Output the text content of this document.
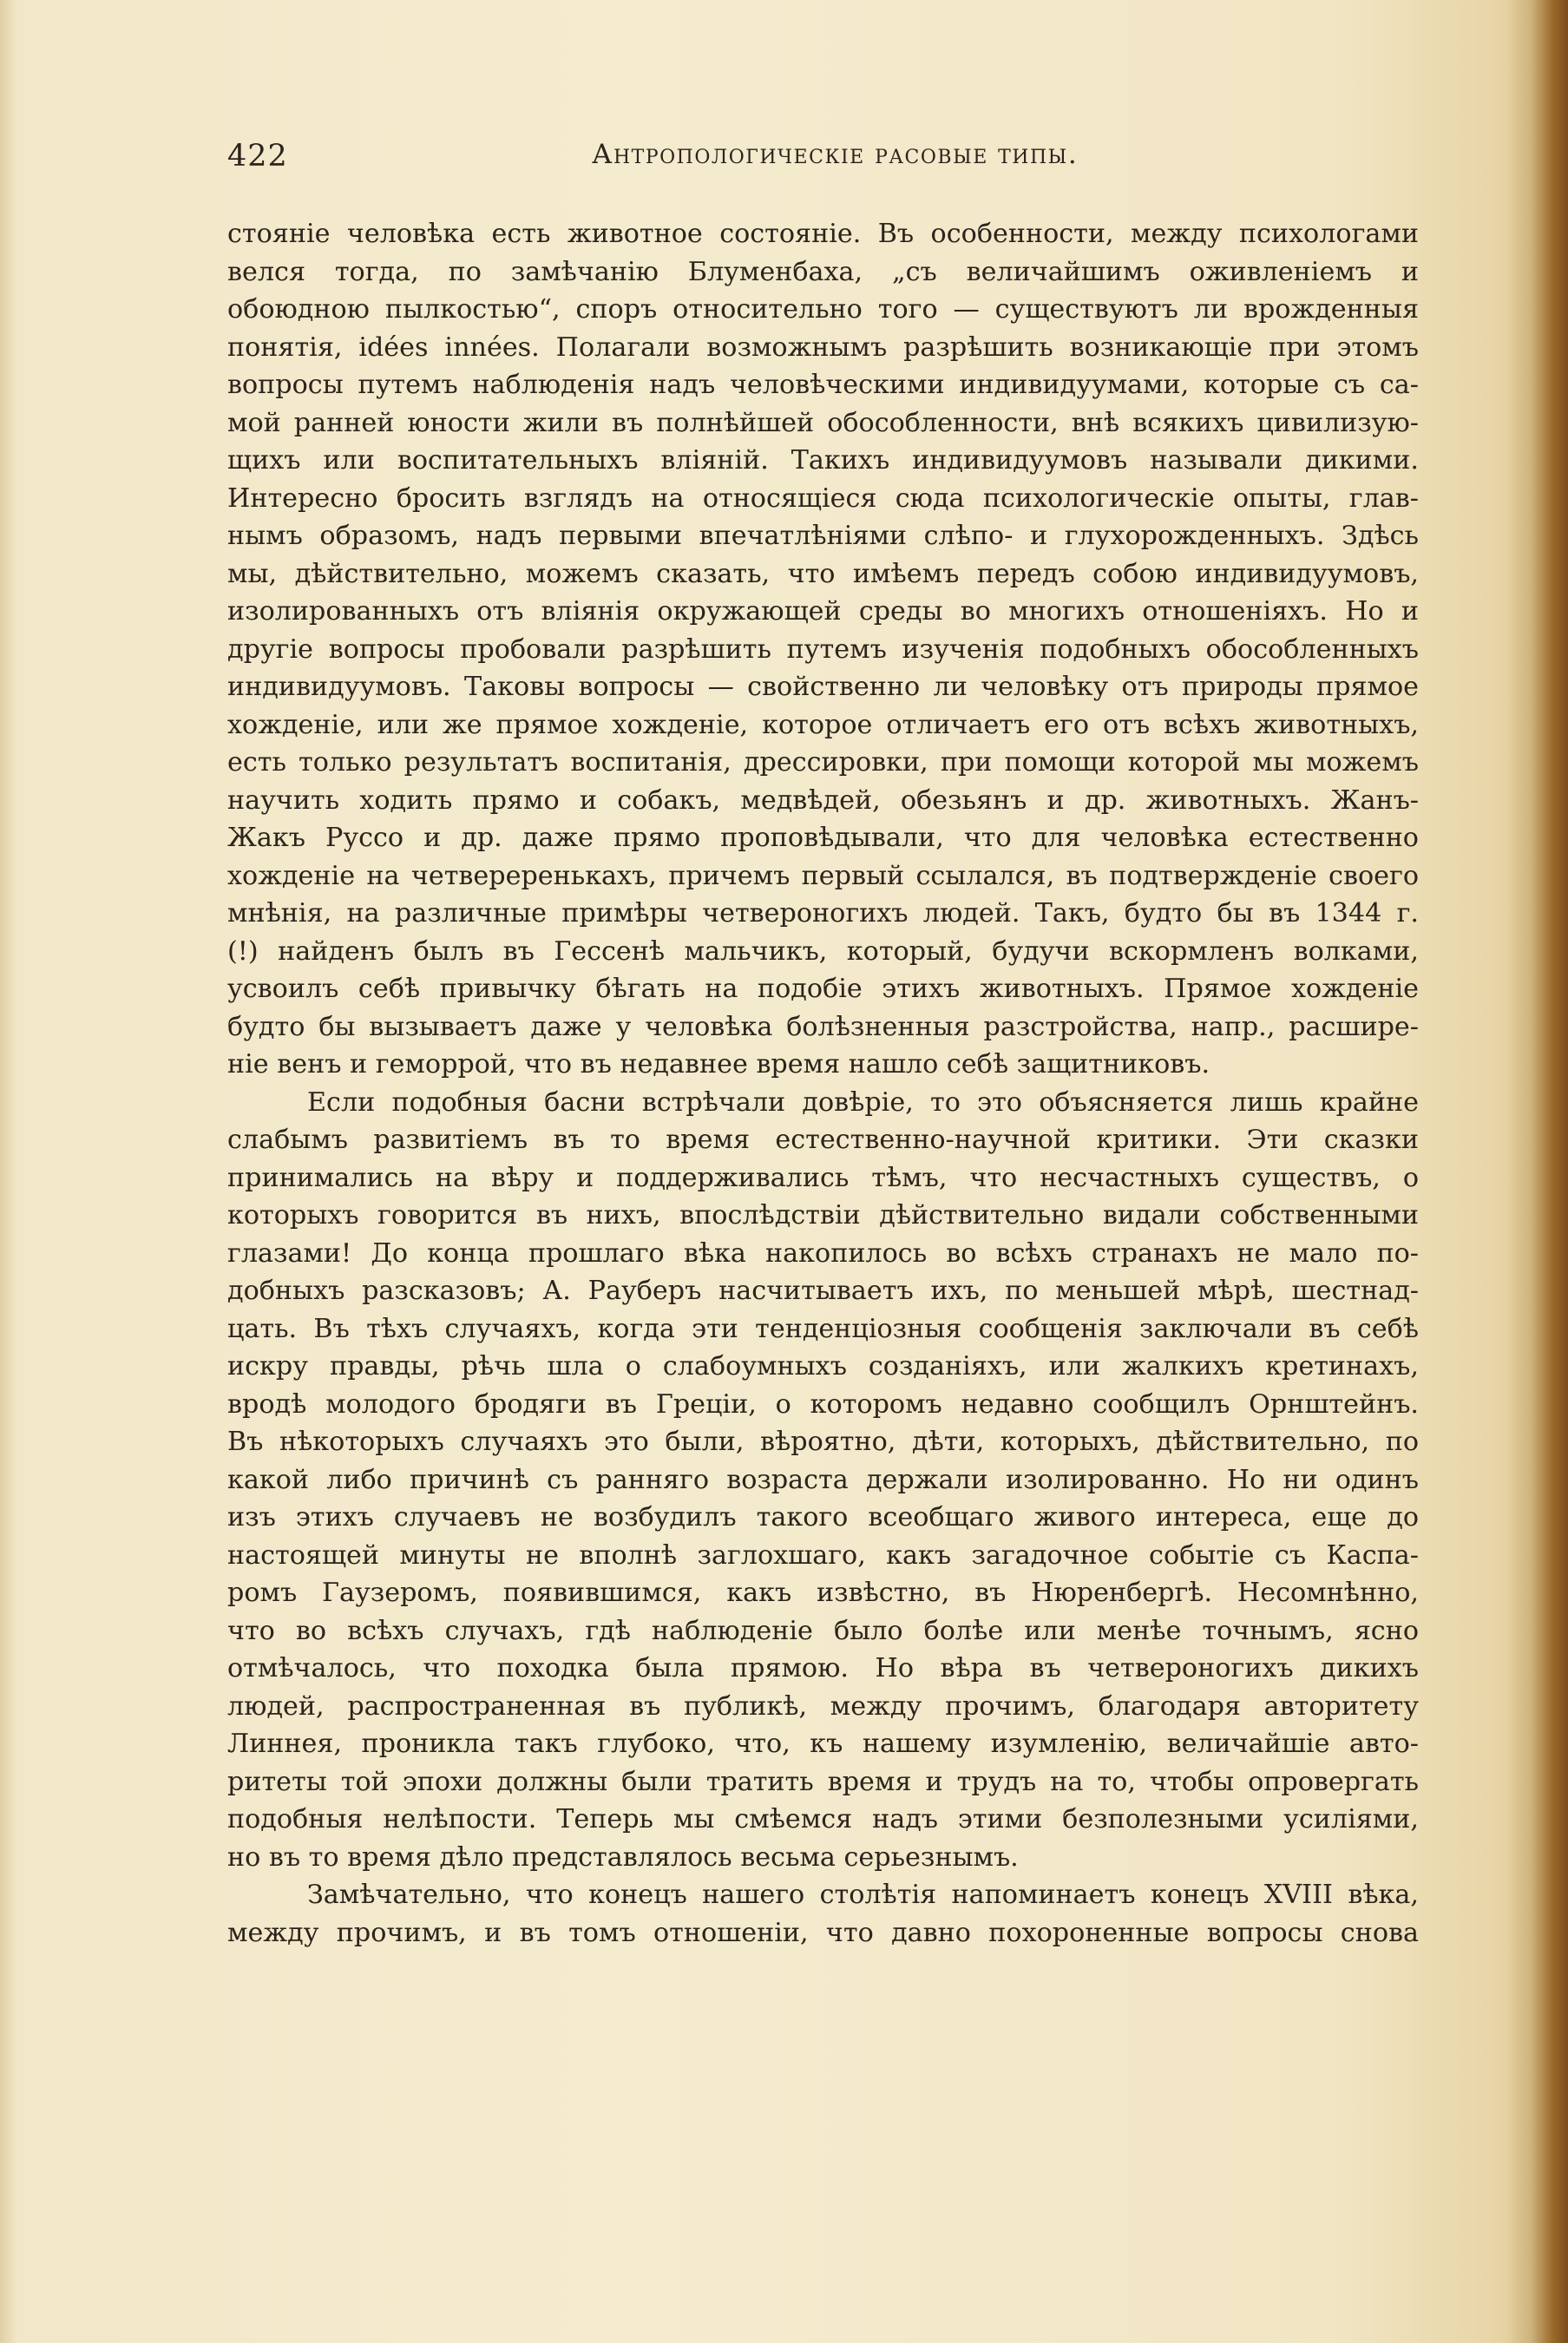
422	Антропологическіе расовые типы.

стояніе человѣка есть животное состояніе. Въ особенности, между психологами

велся тогда, по замѣчанію Блуменбаха, „съ величайшимъ оживленіемъ и

обоюдною пылкостью“, споръ относительно того — существуютъ ли врожденныя

понятія, idées innées. Полагали возможнымъ разрѣшить возникающіе при этомъ

вопросы путемъ наблюденія надъ человѣческими индивидуумами, которые съ са-

мой ранней юности жили въ полнѣйшей обособленности, внѣ всякихъ цивилизую-

щихъ или воспитательныхъ вліяній. Такихъ индивидуумовъ называли дикими.

Интересно бросить взглядъ на относящіеся сюда психологическіе опыты, глав-

нымъ образомъ, надъ первыми впечатлѣніями слѣпо- и глухорожденныхъ. Здѣсь

мы, дѣйствительно, можемъ сказать, что имѣемъ передъ собою индивидуумовъ,

изолированныхъ отъ вліянія окружающей среды во многихъ отношеніяхъ. Но и

другіе вопросы пробовали разрѣшить путемъ изученія подобныхъ обособленныхъ

индивидуумовъ. Таковы вопросы — свойственно ли человѣку отъ природы прямое

хожденіе, или же прямое хожденіе, которое отличаетъ его отъ всѣхъ животныхъ,

есть только результатъ воспитанія, дрессировки, при помощи которой мы можемъ

научить ходить прямо и собакъ, медвѣдей, обезьянъ и др. животныхъ. Жанъ-

Жакъ Руссо и др. даже прямо проповѣдывали, что для человѣка естественно

хожденіе на четвереренькахъ, причемъ первый ссылался, въ подтвержденіе своего

мнѣнія, на различные примѣры четвероногихъ людей. Такъ, будто бы въ 1344 г.

(!) найденъ былъ въ Гессенѣ мальчикъ, который, будучи вскормленъ волками,

усвоилъ себѣ привычку бѣгать на подобіе этихъ животныхъ. Прямое хожденіе

будто бы вызываетъ даже у человѣка болѣзненныя разстройства, напр., расшире-

ніе венъ и геморрой, что въ недавнее время нашло себѣ защитниковъ.

Если подобныя басни встрѣчали довѣріе, то это объясняется лишь крайне

слабымъ развитіемъ въ то время естественно-научной критики. Эти сказки

принимались на вѣру и поддерживались тѣмъ, что несчастныхъ существъ, о

которыхъ говорится въ нихъ, впослѣдствіи дѣйствительно видали собственными

глазами! До конца прошлаго вѣка накопилось во всѣхъ странахъ не мало по-

добныхъ разсказовъ; А. Рауберъ насчитываетъ ихъ, по меньшей мѣрѣ, шестнад-

цать. Въ тѣхъ случаяхъ, когда эти тенденціозныя сообщенія заключали въ себѣ

искру правды, рѣчь шла о слабоумныхъ созданіяхъ, или жалкихъ кретинахъ,

вродѣ молодого бродяги въ Греціи, о которомъ недавно сообщилъ Орнштейнъ.

Въ нѣкоторыхъ случаяхъ это были, вѣроятно, дѣти, которыхъ, дѣйствительно, по

какой либо причинѣ съ ранняго возраста держали изолированно. Но ни одинъ

изъ этихъ случаевъ не возбудилъ такого всеобщаго живого интереса, еще до

настоящей минуты не вполнѣ заглохшаго, какъ загадочное событіе съ Каспа-

ромъ Гаузеромъ, появившимся, какъ извѣстно, въ Нюренбергѣ. Несомнѣнно,

что во всѣхъ случахъ, гдѣ наблюденіе было болѣе или менѣе точнымъ, ясно

отмѣчалось, что походка была прямою. Но вѣра въ четвероногихъ дикихъ

людей, распространенная въ публикѣ, между прочимъ, благодаря авторитету

Линнея, проникла такъ глубоко, что, къ нашему изумленію, величайшіе авто-

ритеты той эпохи должны были тратить время и трудъ на то, чтобы опровергать

подобныя нелѣпости. Теперь мы смѣемся надъ этими безполезными усиліями,

но въ то время дѣло представлялось весьма серьезнымъ.

Замѣчательно, что конецъ нашего столѣтія напоминаетъ конецъ XVIII вѣка,

между прочимъ, и въ томъ отношеніи, что давно похороненные вопросы снова
